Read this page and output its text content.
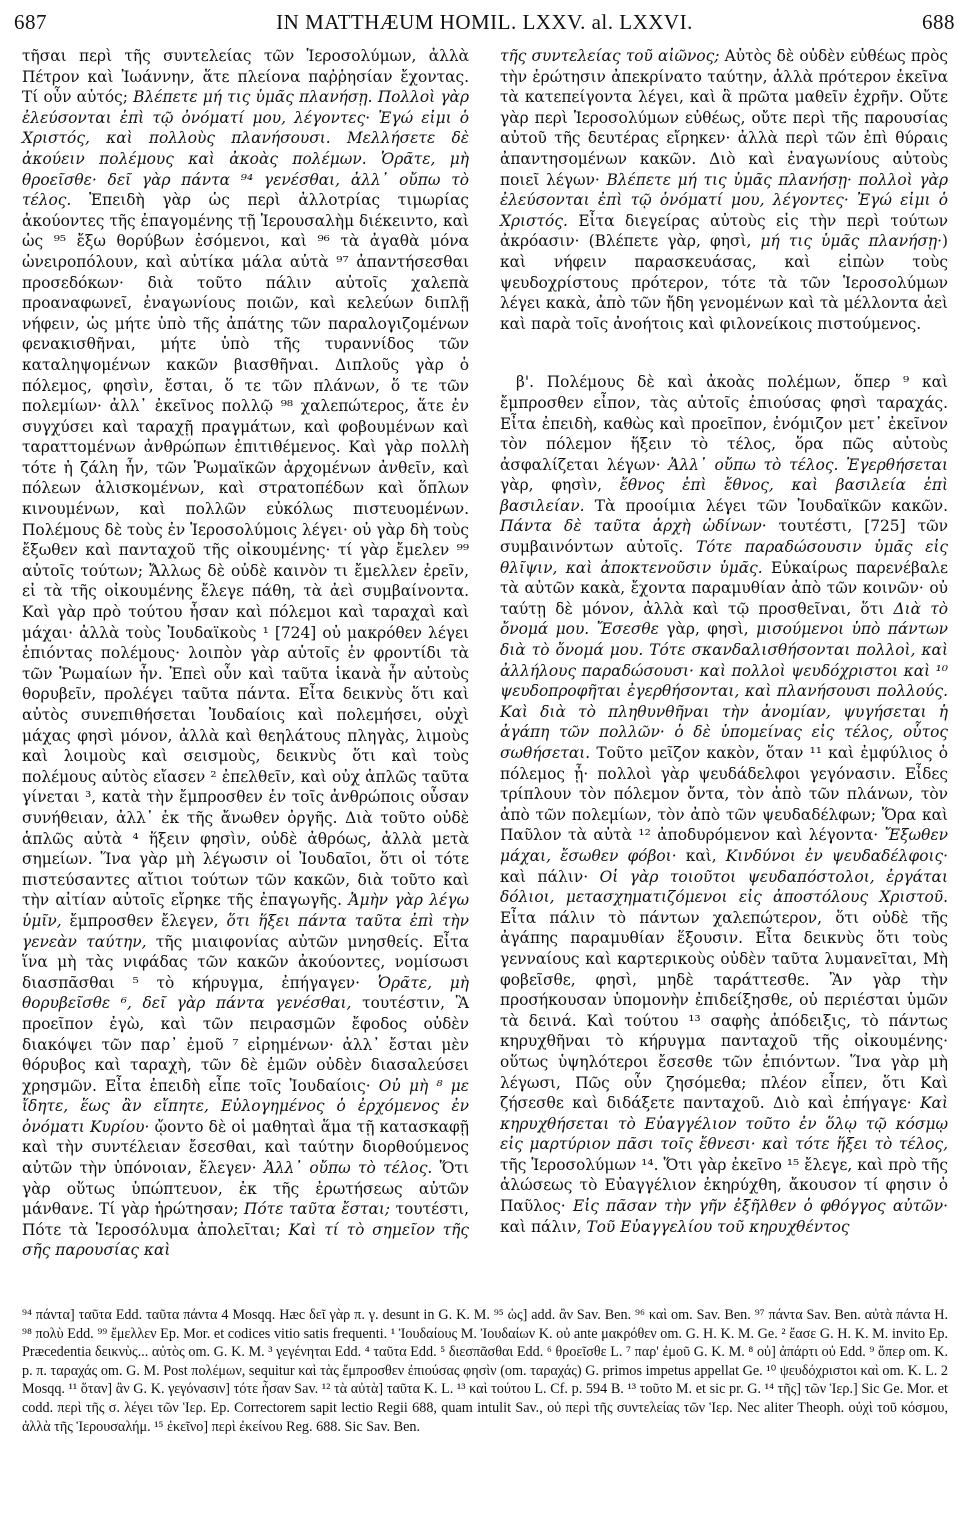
687	IN MATTHÆUM HOMIL. LXXV. al. LXXVI.	688

τῆσαι περὶ τῆς συντελείας τῶν Ἱεροσολύμων, ἀλλὰ Πέτρον καὶ Ἰωάννην, ἅτε πλείονα παῤῥησίαν ἔχοντας. Τί οὖν αὐτός; Βλέπετε μή τις ὑμᾶς πλανήσῃ. Πολλοὶ γὰρ ἐλεύσονται ἐπὶ τῷ ὀνόματί μου, λέγοντες· Ἐγώ εἰμι ὁ Χριστός, καὶ πολλοὺς πλανήσουσι. Μελλήσετε δὲ ἀκούειν πολέμους καὶ ἀκοὰς πολέμων. Ὁρᾶτε, μὴ θροεῖσθε· δεῖ γὰρ πάντα ⁹⁴ γενέσθαι, ἀλλ᾽ οὔπω τὸ τέλος. Ἐπειδὴ γὰρ ὡς περὶ ἀλλοτρίας τιμωρίας ἀκούοντες τῆς ἐπαγομένης τῇ Ἱερουσαλὴμ διέκειντο, καὶ ὡς ⁹⁵ ἔξω θορύβων ἐσόμενοι, καὶ ⁹⁶ τὰ ἀγαθὰ μόνα ὠνειροπόλουν, καὶ αὐτίκα μάλα αὐτὰ ⁹⁷ ἀπαντήσεσθαι προσεδόκων· διὰ τοῦτο πάλιν αὐτοῖς χαλεπὰ προαναφωνεῖ, ἐναγωνίους ποιῶν, καὶ κελεύων διπλῇ νήφειν, ὡς μήτε ὑπὸ τῆς ἀπάτης τῶν παραλογιζομένων φενακισθῆναι, μήτε ὑπὸ τῆς τυραννίδος τῶν καταληψομένων κακῶν βιασθῆναι. Διπλοῦς γὰρ ὁ πόλεμος, φησὶν, ἔσται, ὅ τε τῶν πλάνων, ὅ τε τῶν πολεμίων· ἀλλ᾽ ἐκεῖνος πολλῷ ⁹⁸ χαλεπώτερος, ἅτε ἐν συγχύσει καὶ ταραχῇ πραγμάτων, καὶ φοβουμένων καὶ ταραττομένων ἀνθρώπων ἐπιτιθέμενος. Καὶ γὰρ πολλὴ τότε ἡ ζάλη ἦν, τῶν Ῥωμαϊκῶν ἀρχομένων ἀνθεῖν, καὶ πόλεων ἁλισκομένων, καὶ στρατοπέδων καὶ ὅπλων κινουμένων, καὶ πολλῶν εὐκόλως πιστευομένων. Πολέμους δὲ τοὺς ἐν Ἱεροσολύμοις λέγει· οὐ γὰρ δὴ τοὺς ἔξωθεν καὶ πανταχοῦ τῆς οἰκουμένης· τί γὰρ ἔμελεν ⁹⁹ αὐτοῖς τούτων; Ἄλλως δὲ οὐδὲ καινὸν τι ἔμελλεν ἐρεῖν, εἰ τὰ τῆς οἰκουμένης ἔλεγε πάθη, τὰ ἀεὶ συμβαίνοντα. Καὶ γὰρ πρὸ τούτου ἦσαν καὶ πόλεμοι καὶ ταραχαὶ καὶ μάχαι· ἀλλὰ τοὺς Ἰουδαϊκοὺς ¹ [724] οὐ μακρόθεν λέγει ἐπιόντας πολέμους· λοιπὸν γὰρ αὐτοῖς ἐν φροντίδι τὰ τῶν Ῥωμαίων ἦν. Ἐπεὶ οὖν καὶ ταῦτα ἱκανὰ ἦν αὐτοὺς θορυβεῖν, προλέγει ταῦτα πάντα. Εἶτα δεικνὺς ὅτι καὶ αὐτὸς συνεπιθήσεται Ἰουδαίοις καὶ πολεμήσει, οὐχὶ μάχας φησὶ μόνον, ἀλλὰ καὶ θεηλάτους πληγὰς, λιμοὺς καὶ λοιμοὺς καὶ σεισμοὺς, δεικνὺς ὅτι καὶ τοὺς πολέμους αὐτὸς εἴασεν ² ἐπελθεῖν, καὶ οὐχ ἁπλῶς ταῦτα γίνεται ³, κατὰ τὴν ἔμπροσθεν ἐν τοῖς ἀνθρώποις οὖσαν συνήθειαν, ἀλλ᾽ ἐκ τῆς ἄνωθεν ὀργῆς. Διὰ τοῦτο οὐδὲ ἁπλῶς αὐτὰ ⁴ ἥξειν φησὶν, οὐδὲ ἀθρόως, ἀλλὰ μετὰ σημείων. Ἵνα γὰρ μὴ λέγωσιν οἱ Ἰουδαῖοι, ὅτι οἱ τότε πιστεύσαντες αἴτιοι τούτων τῶν κακῶν, διὰ τοῦτο καὶ τὴν αἰτίαν αὐτοῖς εἴρηκε τῆς ἐπαγωγῆς. Ἀμὴν γὰρ λέγω ὑμῖν, ἔμπροσθεν ἔλεγεν, ὅτι ἥξει πάντα ταῦτα ἐπὶ τὴν γενεὰν ταύτην, τῆς μιαιφονίας αὐτῶν μνησθείς. Εἶτα ἵνα μὴ τὰς νιφάδας τῶν κακῶν ἀκούοντες, νομίσωσι διασπᾶσθαι ⁵ τὸ κήρυγμα, ἐπήγαγεν· Ὁρᾶτε, μὴ θορυβεῖσθε ⁶, δεῖ γὰρ πάντα γενέσθαι, τουτέστιν, Ἃ προεῖπον ἐγὼ, καὶ τῶν πειρασμῶν ἔφοδος οὐδὲν διακόψει τῶν παρ᾽ ἐμοῦ ⁷ εἰρημένων· ἀλλ᾽ ἔσται μὲν θόρυβος καὶ ταραχὴ, τῶν δὲ ἐμῶν οὐδὲν διασαλεύσει χρησμῶν. Εἶτα ἐπειδὴ εἶπε τοῖς Ἰουδαίοις· Οὐ μὴ ⁸ με ἴδητε, ἕως ἂν εἴπητε, Εὐλογημένος ὁ ἐρχόμενος ἐν ὀνόματι Κυρίου· ᾤοντο δὲ οἱ μαθηταὶ ἅμα τῇ κατασκαφῇ καὶ τὴν συντέλειαν ἔσεσθαι, καὶ ταύτην διορθούμενος αὐτῶν τὴν ὑπόνοιαν, ἔλεγεν· Ἀλλ᾽ οὔπω τὸ τέλος. Ὅτι γὰρ οὕτως ὑπώπτευον, ἐκ τῆς ἐρωτήσεως αὐτῶν μάνθανε. Τί γὰρ ἠρώτησαν; Πότε ταῦτα ἔσται; τουτέστι, Πότε τὰ Ἱεροσόλυμα ἀπολεῖται; Καὶ τί τὸ σημεῖον τῆς σῆς παρουσίας καὶ

τῆς συντελείας τοῦ αἰῶνος; Αὐτὸς δὲ οὐδὲν εὐθέως πρὸς τὴν ἐρώτησιν ἀπεκρίνατο ταύτην, ἀλλὰ πρότερον ἐκεῖνα τὰ κατεπείγοντα λέγει, καὶ ἃ πρῶτα μαθεῖν ἐχρῆν. Οὔτε γὰρ περὶ Ἱεροσολύμων εὐθέως, οὔτε περὶ τῆς παρουσίας αὐτοῦ τῆς δευτέρας εἴρηκεν· ἀλλὰ περὶ τῶν ἐπὶ θύραις ἀπαντησομένων κακῶν. Διὸ καὶ ἐναγωνίους αὐτοὺς ποιεῖ λέγων· Βλέπετε μή τις ὑμᾶς πλανήσῃ· πολλοὶ γὰρ ἐλεύσονται ἐπὶ τῷ ὀνόματί μου, λέγοντες· Ἐγώ εἰμι ὁ Χριστός. Εἶτα διεγείρας αὐτοὺς εἰς τὴν περὶ τούτων ἀκρόασιν· (Βλέπετε γὰρ, φησὶ, μή τις ὑμᾶς πλανήσῃ·) καὶ νήφειν παρασκευάσας, καὶ εἰπὼν τοὺς ψευδοχρίστους πρότερον, τότε τὰ τῶν Ἱεροσολύμων λέγει κακὰ, ἀπὸ τῶν ἤδη γενομένων καὶ τὰ μέλλοντα ἀεὶ καὶ παρὰ τοῖς ἀνοήτοις καὶ φιλονείκοις πιστούμενος.

β'. Πολέμους δὲ καὶ ἀκοὰς πολέμων, ὅπερ ⁹ καὶ ἔμπροσθεν εἶπον, τὰς αὐτοῖς ἐπιούσας φησὶ ταραχάς. Εἶτα ἐπειδὴ, καθὼς καὶ προεῖπον, ἐνόμιζον μετ᾽ ἐκεῖνον τὸν πόλεμον ἥξειν τὸ τέλος, ὅρα πῶς αὐτοὺς ἀσφαλίζεται λέγων· Ἀλλ᾽ οὔπω τὸ τέλος. Ἐγερθήσεται γὰρ, φησὶν, ἔθνος ἐπὶ ἔθνος, καὶ βασιλεία ἐπὶ βασιλείαν. Τὰ προοίμια λέγει τῶν Ἰουδαϊκῶν κακῶν. Πάντα δὲ ταῦτα ἀρχὴ ὠδίνων· τουτέστι, [725] τῶν συμβαινόντων αὐτοῖς. Τότε παραδώσουσιν ὑμᾶς εἰς θλῖψιν, καὶ ἀποκτενοῦσιν ὑμᾶς. Εὐκαίρως παρενέβαλε τὰ αὐτῶν κακὰ, ἔχοντα παραμυθίαν ἀπὸ τῶν κοινῶν· οὐ ταύτῃ δὲ μόνον, ἀλλὰ καὶ τῷ προσθεῖναι, ὅτι Διὰ τὸ ὄνομά μου. Ἔσεσθε γὰρ, φησὶ, μισούμενοι ὑπὸ πάντων διὰ τὸ ὄνομά μου. Τότε σκανδαλισθήσονται πολλοὶ, καὶ ἀλλήλους παραδώσουσι· καὶ πολλοὶ ψευδόχριστοι καὶ ¹⁰ ψευδοπροφῆται ἐγερθήσονται, καὶ πλανήσουσι πολλούς. Καὶ διὰ τὸ πληθυνθῆναι τὴν ἀνομίαν, ψυγήσεται ἡ ἀγάπη τῶν πολλῶν· ὁ δὲ ὑπομείνας εἰς τέλος, οὗτος σωθήσεται. Τοῦτο μεῖζον κακὸν, ὅταν ¹¹ καὶ ἐμφύλιος ὁ πόλεμος ᾖ· πολλοὶ γὰρ ψευδάδελφοι γεγόνασιν. Εἶδες τρίπλουν τὸν πόλεμον ὄντα, τὸν ἀπὸ τῶν πλάνων, τὸν ἀπὸ τῶν πολεμίων, τὸν ἀπὸ τῶν ψευδαδέλφων; Ὅρα καὶ Παῦλον τὰ αὐτὰ ¹² ἀποδυρόμενον καὶ λέγοντα· Ἔξωθεν μάχαι, ἔσωθεν φόβοι· καὶ, Κινδύνοι ἐν ψευδαδέλφοις· καὶ πάλιν· Οἱ γὰρ τοιοῦτοι ψευδαπόστολοι, ἐργάται δόλιοι, μετασχηματιζόμενοι εἰς ἀποστόλους Χριστοῦ. Εἶτα πάλιν τὸ πάντων χαλεπώτερον, ὅτι οὐδὲ τῆς ἀγάπης παραμυθίαν ἕξουσιν. Εἶτα δεικνὺς ὅτι τοὺς γενναίους καὶ καρτερικοὺς οὐδὲν ταῦτα λυμανεῖται, Μὴ φοβεῖσθε, φησὶ, μηδὲ ταράττεσθε. Ἂν γὰρ τὴν προσήκουσαν ὑπομονὴν ἐπιδείξησθε, οὐ περιέσται ὑμῶν τὰ δεινά. Καὶ τούτου ¹³ σαφὴς ἀπόδειξις, τὸ πάντως κηρυχθῆναι τὸ κήρυγμα πανταχοῦ τῆς οἰκουμένης· οὕτως ὑψηλότεροι ἔσεσθε τῶν ἐπιόντων. Ἵνα γὰρ μὴ λέγωσι, Πῶς οὖν ζησόμεθα; πλέον εἶπεν, ὅτι Καὶ ζήσεσθε καὶ διδάξετε πανταχοῦ. Διὸ καὶ ἐπήγαγε· Καὶ κηρυχθήσεται τὸ Εὐαγγέλιον τοῦτο ἐν ὅλῳ τῷ κόσμῳ εἰς μαρτύριον πᾶσι τοῖς ἔθνεσι· καὶ τότε ἥξει τὸ τέλος, τῆς Ἱεροσολύμων ¹⁴. Ὅτι γὰρ ἐκεῖνο ¹⁵ ἔλεγε, καὶ πρὸ τῆς ἁλώσεως τὸ Εὐαγγέλιον ἐκηρύχθη, ἄκουσον τί φησιν ὁ Παῦλος· Εἰς πᾶσαν τὴν γῆν ἐξῆλθεν ὁ φθόγγος αὐτῶν· καὶ πάλιν, Τοῦ Εὐαγγελίου τοῦ κηρυχθέντος

⁹⁴ πάντα] ταῦτα Edd. ταῦτα πάντα 4 Mosqq. Hæc δεῖ γὰρ π. γ. desunt in G. K. M. ⁹⁵ ὡς] add. ἂν Sav. Ben. ⁹⁶ καὶ om. Sav. Ben. ⁹⁷ πάντα Sav. Ben. αὐτὰ πάντα H. ⁹⁸ πολὺ Edd. ⁹⁹ ἔμελλεν Ep. Mor. et codices vitio satis frequenti. ¹ Ἰουδαίους M. Ἰουδαίων K. οὐ ante μακρόθεν om. G. H. K. M. Ge. ² ἔασε G. H. K. M. invito Ep. Præcedentia δεικνὺς... αὐτὸς om. G. K. M. ³ γεγένηται Edd. ⁴ ταῦτα Edd. ⁵ διεσπᾶσθαι Edd. ⁶ θροεῖσθε L. ⁷ παρ' ἐμοῦ G. K. M. ⁸ οὐ] ἀπάρτι οὐ Edd. ⁹ ὅπερ om. K. p. π. ταραχάς om. G. M. Post πολέμων, sequitur καὶ τὰς ἔμπροσθεν ἐπιούσας φησὶν (om. ταραχάς) G. primos impetus appellat Ge. ¹⁰ ψευδόχριστοι καὶ om. K. L. 2 Mosqq. ¹¹ ὅταν] ἂν G. K. γεγόνασιν] τότε ἦσαν Sav. ¹² τὰ αὐτὰ] ταῦτα K. L. ¹³ καὶ τούτου L. Cf. p. 594 B. ¹³ τοῦτο M. et sic pr. G. ¹⁴ τῆς] τῶν Ἱερ.] Sic Ge. Mor. et codd. περὶ τῆς σ. λέγει τῶν Ἱερ. Ep. Correctorem sapit lectio Regii 688, quam intulit Sav., οὐ περὶ τῆς συντελείας τῶν Ἱερ. Nec aliter Theoph. οὐχὶ τοῦ κόσμου, ἀλλὰ τῆς Ἱερουσαλήμ. ¹⁵ ἐκεῖνο] περὶ ἐκείνου Reg. 688. Sic Sav. Ben.
